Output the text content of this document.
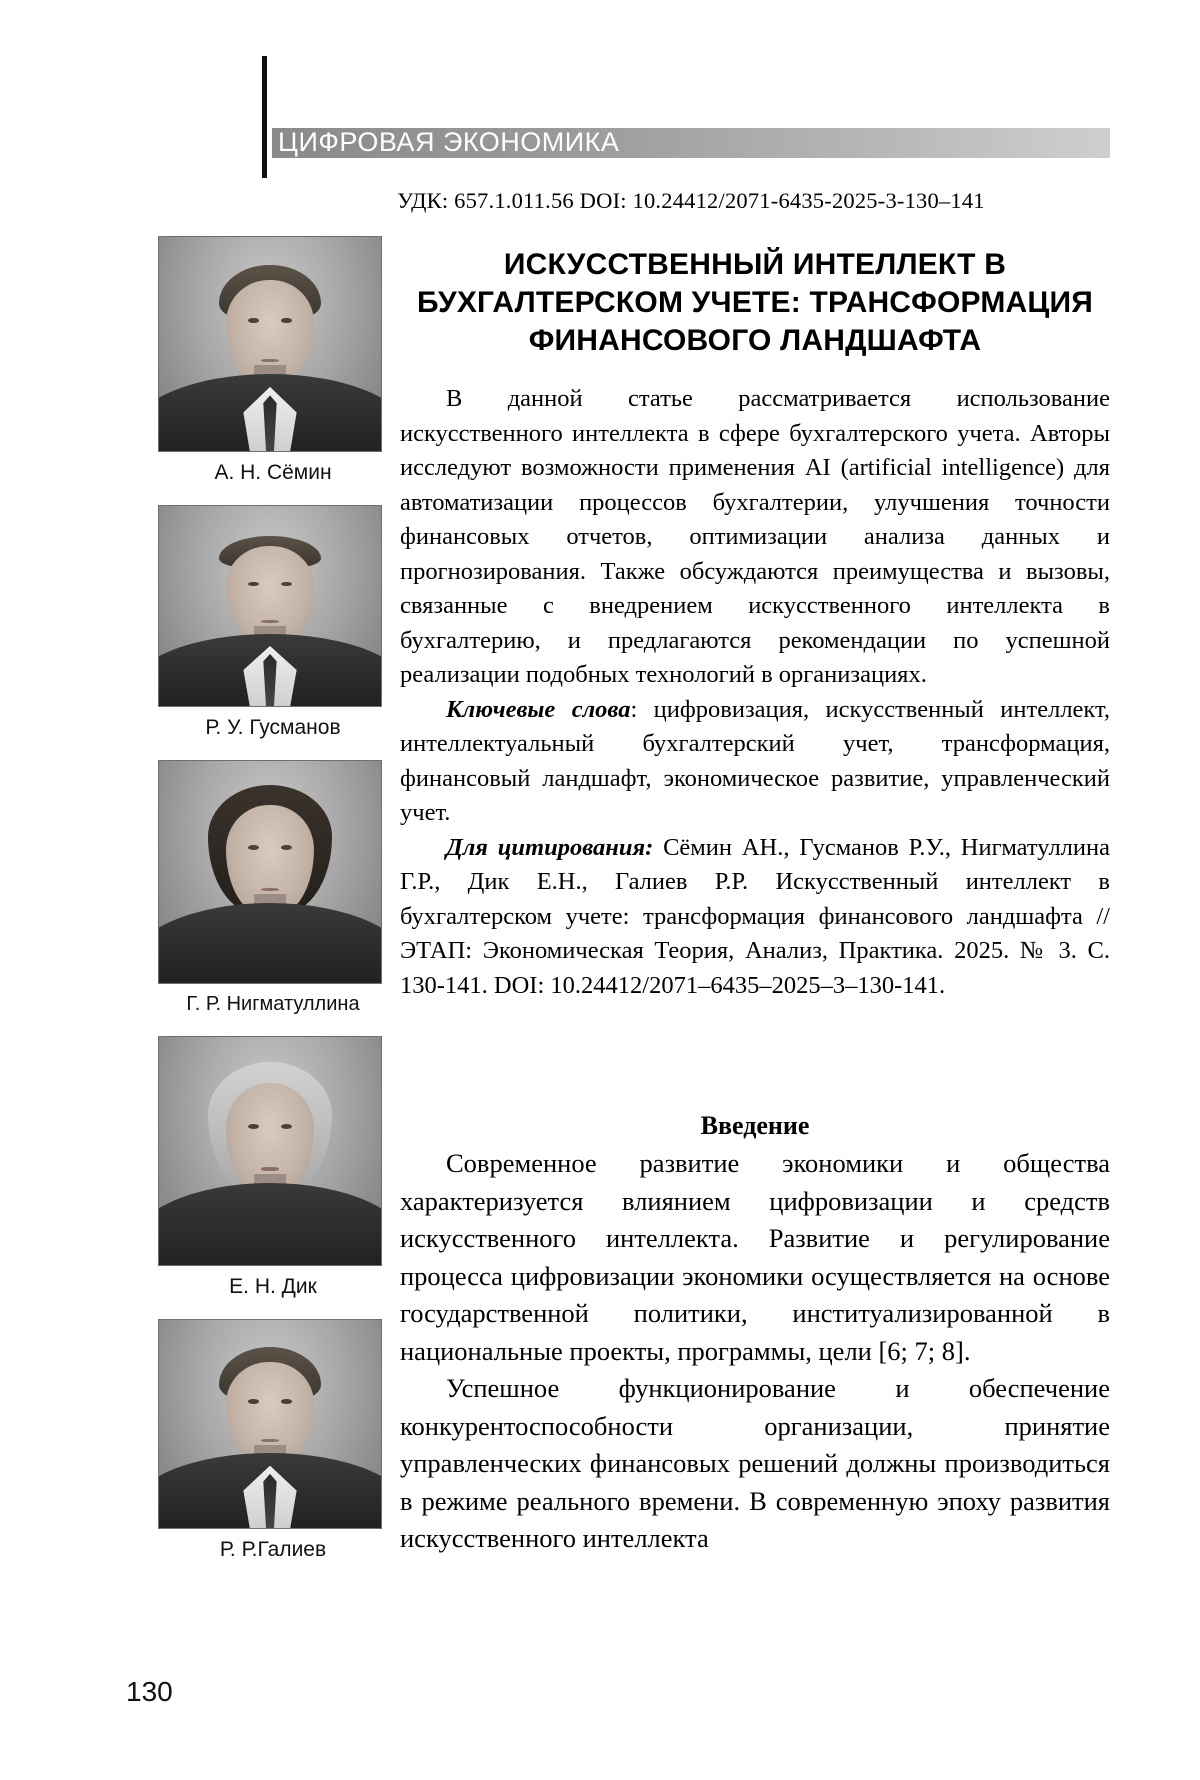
ЦИФРОВАЯ ЭКОНОМИКА
УДК: 657.1.011.56 DOI: 10.24412/2071-6435-2025-3-130–141
А. Н. Сёмин
Р. У. Гусманов
Г. Р. Нигматуллина
Е. Н. Дик
Р. Р.Галиев
ИСКУССТВЕННЫЙ ИНТЕЛЛЕКТ В БУХГАЛТЕРСКОМ УЧЕТЕ: ТРАНСФОРМАЦИЯ ФИНАНСОВОГО ЛАНДШАФТА

В данной статье рассматривается использование искусственного интеллекта в сфере бухгалтерского учета. Авторы исследуют возможности применения AI (artificial intelligence) для автоматизации процессов бухгалтерии, улучшения точности финансовых отчетов, оптимизации анализа данных и прогнозирования. Также обсуждаются преимущества и вызовы, связанные с внедрением искусственного интеллекта в бухгалтерию, и предлагаются рекомендации по успешной реализации подобных технологий в организациях.

Ключевые слова: цифровизация, искусственный интеллект, интеллектуальный бухгалтерский учет, трансформация, финансовый ландшафт, экономическое развитие, управленческий учет.

Для цитирования: Сёмин АН., Гусманов Р.У., Нигматуллина Г.Р., Дик Е.Н., Галиев Р.Р. Искусственный интеллект в бухгалтерском учете: трансформация финансового ландшафта // ЭТАП: Экономическая Теория, Анализ, Практика. 2025. № 3. С. 130-141. DOI: 10.24412/2071–6435–2025–3–130-141.

Введение

Современное развитие экономики и общества характеризуется влиянием цифровизации и средств искусственного интеллекта. Развитие и регулирование процесса цифровизации экономики осуществляется на основе государственной политики, институализированной в национальные проекты, программы, цели [6; 7; 8].

Успешное функционирование и обеспечение конкурентоспособности организации, принятие управленческих финансовых решений должны производиться в режиме реального времени. В современную эпоху развития искусственного интеллекта

130
